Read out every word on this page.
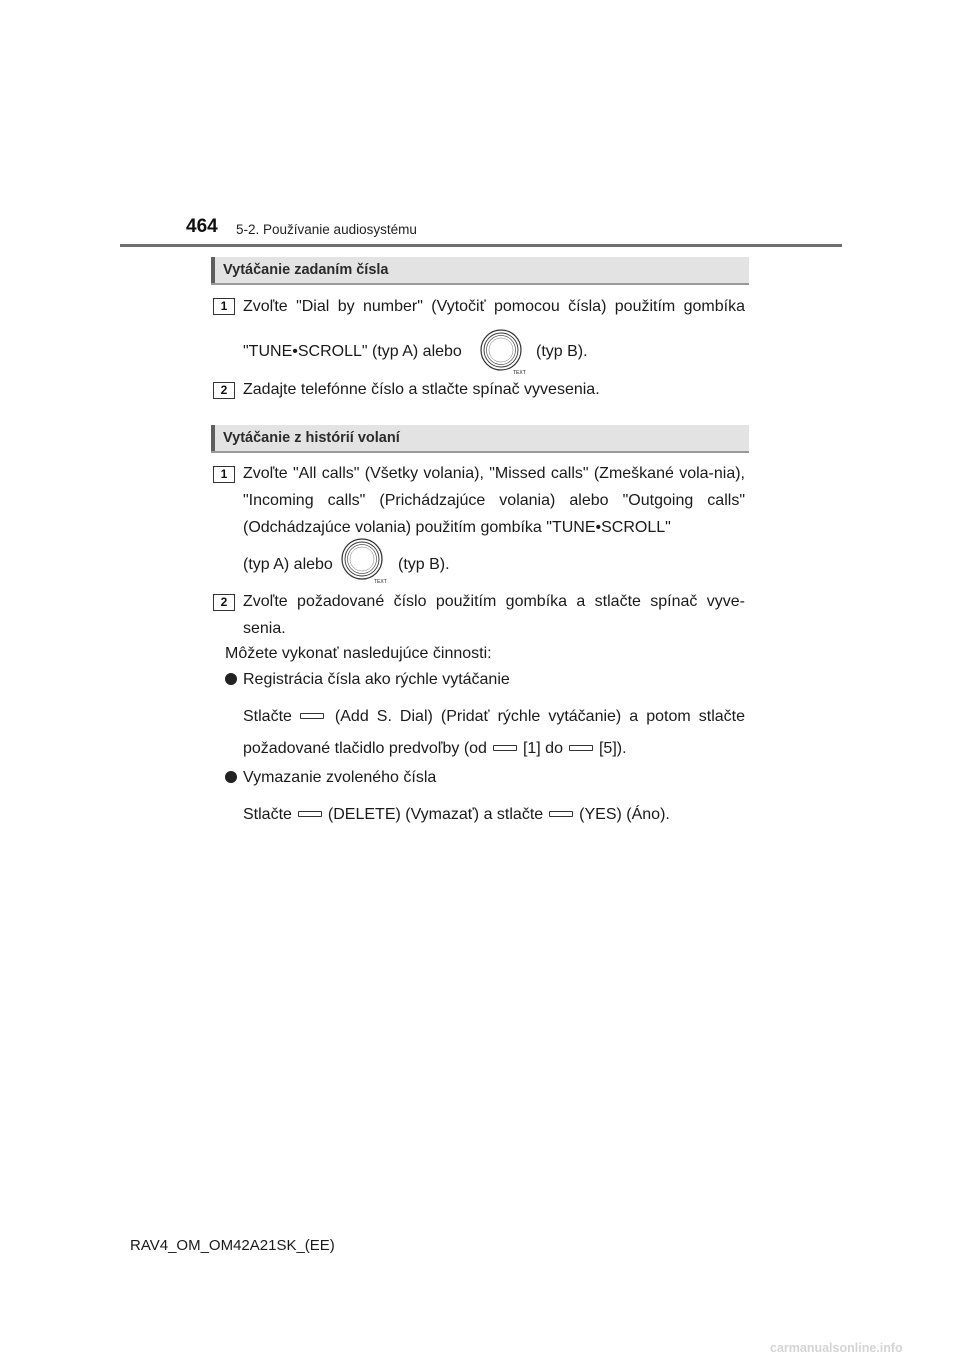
464 5-2. Používanie audiosystému
Vytáčanie zadaním čísla
1 Zvoľte "Dial by number" (Vytočiť pomocou čísla) použitím gombíka
"TUNE•SCROLL" (typ A) alebo
TEXT
(typ B).
2 Zadajte telefónne číslo a stlačte spínač vyvesenia.
Vytáčanie z histórií volaní
1 Zvoľte "All calls" (Všetky volania), "Missed calls" (Zmeškané vola-nia), "Incoming calls" (Prichádzajúce volania) alebo "Outgoing calls" (Odchádzajúce volania) použitím gombíka "TUNE•SCROLL"
(typ A) alebo
TEXT
(typ B).
2 Zvoľte požadované číslo použitím gombíka a stlačte spínač vyve-senia.
Môžete vykonať nasledujúce činnosti:
Registrácia čísla ako rýchle vytáčanie
Stlačte	(Add S. Dial) (Pridať rýchle vytáčanie) a potom stlačte
požadované tlačidlo predvoľby (od [1] do [5]).
Vymazanie zvoleného čísla
Stlačte (DELETE) (Vymazať) a stlačte (YES) (Áno).
RAV4_OM_OM42A21SK_(EE)
carmanualsonline.info
